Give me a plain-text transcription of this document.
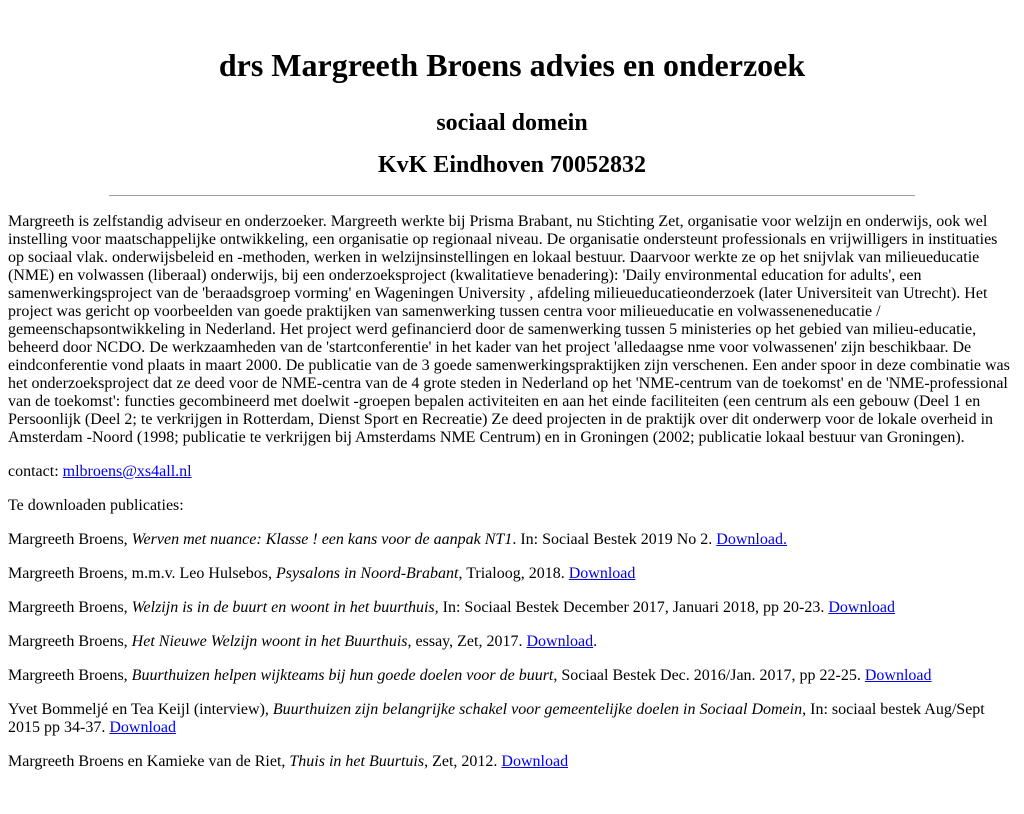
drs Margreeth Broens advies en onderzoek
sociaal domein
KvK Eindhoven 70052832

Margreeth is zelfstandig adviseur en onderzoeker. Margreeth werkte bij Prisma Brabant, nu Stichting Zet, organisatie voor welzijn en onderwijs, ook wel instelling voor maatschappelijke ontwikkeling, een organisatie op regionaal niveau. De organisatie ondersteunt professionals en vrijwilligers in instituaties op sociaal vlak. onderwijsbeleid en -methoden, werken in welzijnsinstellingen en lokaal bestuur. Daarvoor werkte ze op het snijvlak van milieueducatie (NME) en volwassen (liberaal) onderwijs, bij een onderzoeksproject (kwalitatieve benadering): 'Daily environmental education for adults', een samenwerkingsproject van de 'beraadsgroep vorming' en Wageningen University , afdeling milieueducatieonderzoek (later Universiteit van Utrecht). Het project was gericht op voorbeelden van goede praktijken van samenwerking tussen centra voor milieueducatie en volwasseneneducatie / gemeenschapsontwikkeling in Nederland. Het project werd gefinancierd door de samenwerking tussen 5 ministeries op het gebied van milieu-educatie, beheerd door NCDO. De werkzaamheden van de 'startconferentie' in het kader van het project 'alledaagse nme voor volwassenen' zijn beschikbaar. De eindconferentie vond plaats in maart 2000. De publicatie van de 3 goede samenwerkingspraktijken zijn verschenen. Een ander spoor in deze combinatie was het onderzoeksproject dat ze deed voor de NME-centra van de 4 grote steden in Nederland op het 'NME-centrum van de toekomst' en de 'NME-professional van de toekomst': functies gecombineerd met doelwit -groepen bepalen activiteiten en aan het einde faciliteiten (een centrum als een gebouw (Deel 1 en Persoonlijk (Deel 2; te verkrijgen in Rotterdam, Dienst Sport en Recreatie) Ze deed projecten in de praktijk over dit onderwerp voor de lokale overheid in Amsterdam -Noord (1998; publicatie te verkrijgen bij Amsterdams NME Centrum) en in Groningen (2002; publicatie lokaal bestuur van Groningen).

contact: mlbroens@xs4all.nl

Te downloaden publicaties:

Margreeth Broens, Werven met nuance: Klasse ! een kans voor de aanpak NT1. In: Sociaal Bestek 2019 No 2. Download.

Margreeth Broens, m.m.v. Leo Hulsebos, Psysalons in Noord-Brabant, Trialoog, 2018. Download

Margreeth Broens, Welzijn is in de buurt en woont in het buurthuis, In: Sociaal Bestek December 2017, Januari 2018, pp 20-23. Download

Margreeth Broens, Het Nieuwe Welzijn woont in het Buurthuis, essay, Zet, 2017. Download.

Margreeth Broens, Buurthuizen helpen wijkteams bij hun goede doelen voor de buurt, Sociaal Bestek Dec. 2016/Jan. 2017, pp 22-25. Download

Yvet Bommeljé en Tea Keijl (interview), Buurthuizen zijn belangrijke schakel voor gemeentelijke doelen in Sociaal Domein, In: sociaal bestek Aug/Sept 2015 pp 34-37. Download

Margreeth Broens en Kamieke van de Riet, Thuis in het Buurtuis, Zet, 2012. Download
